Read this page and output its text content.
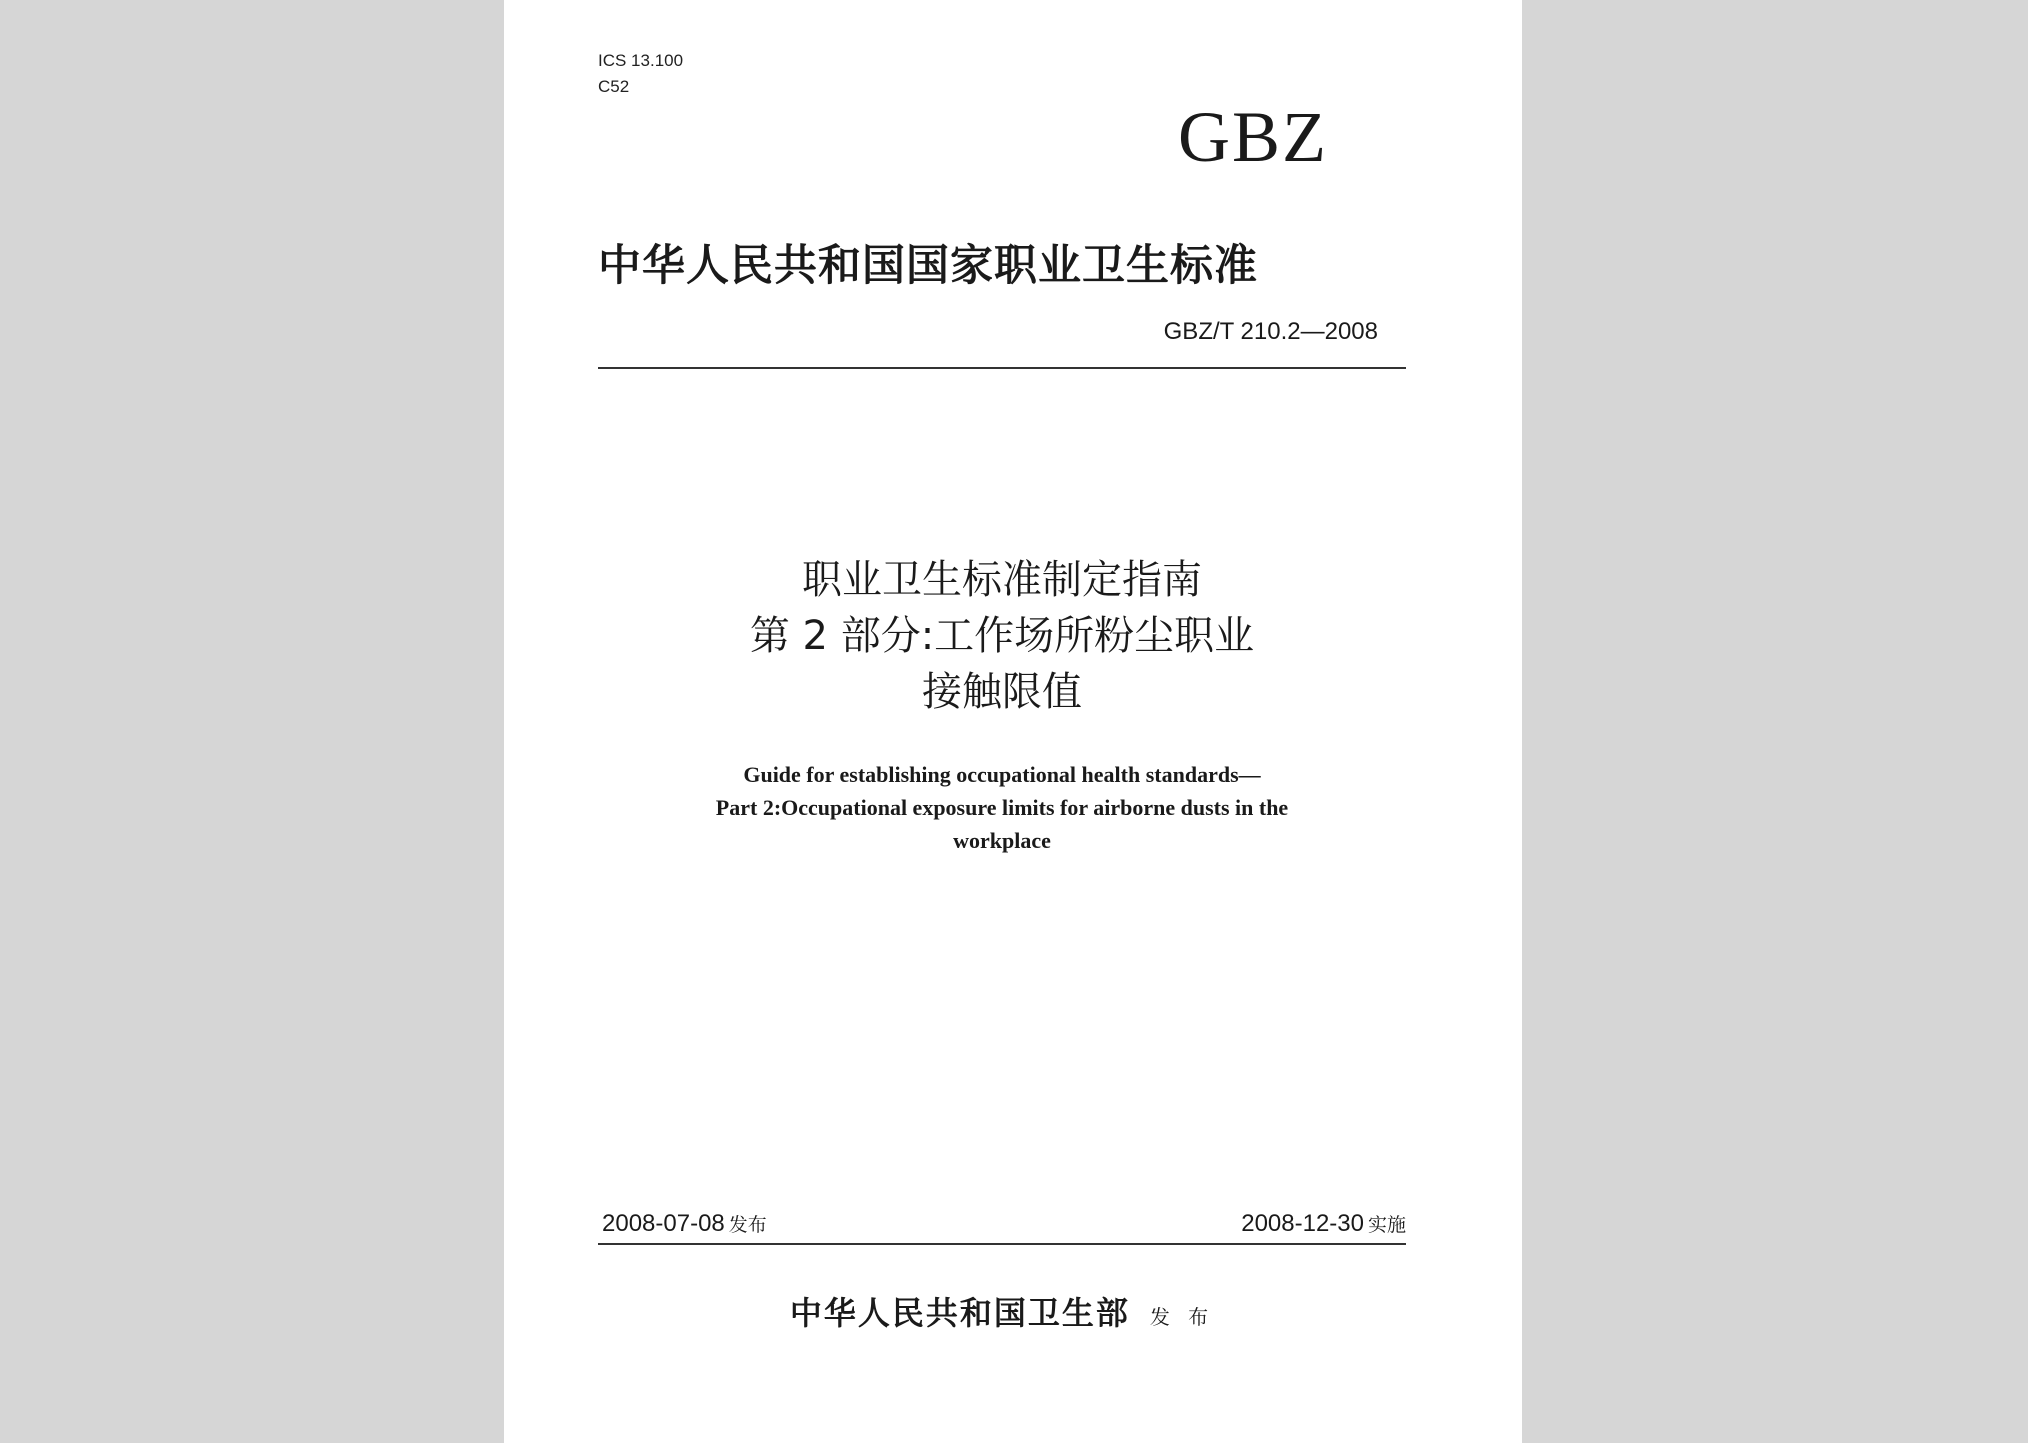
ICS 13.100
C52
GBZ
中华人民共和国国家职业卫生标准
GBZ/T 210.2—2008
职业卫生标准制定指南
第 2 部分:工作场所粉尘职业
接触限值
Guide for establishing occupational health standards—
Part 2:Occupational exposure limits for airborne dusts in the
workplace
2008-07-08 发布	2008-12-30 实施
中华人民共和国卫生部 发 布
